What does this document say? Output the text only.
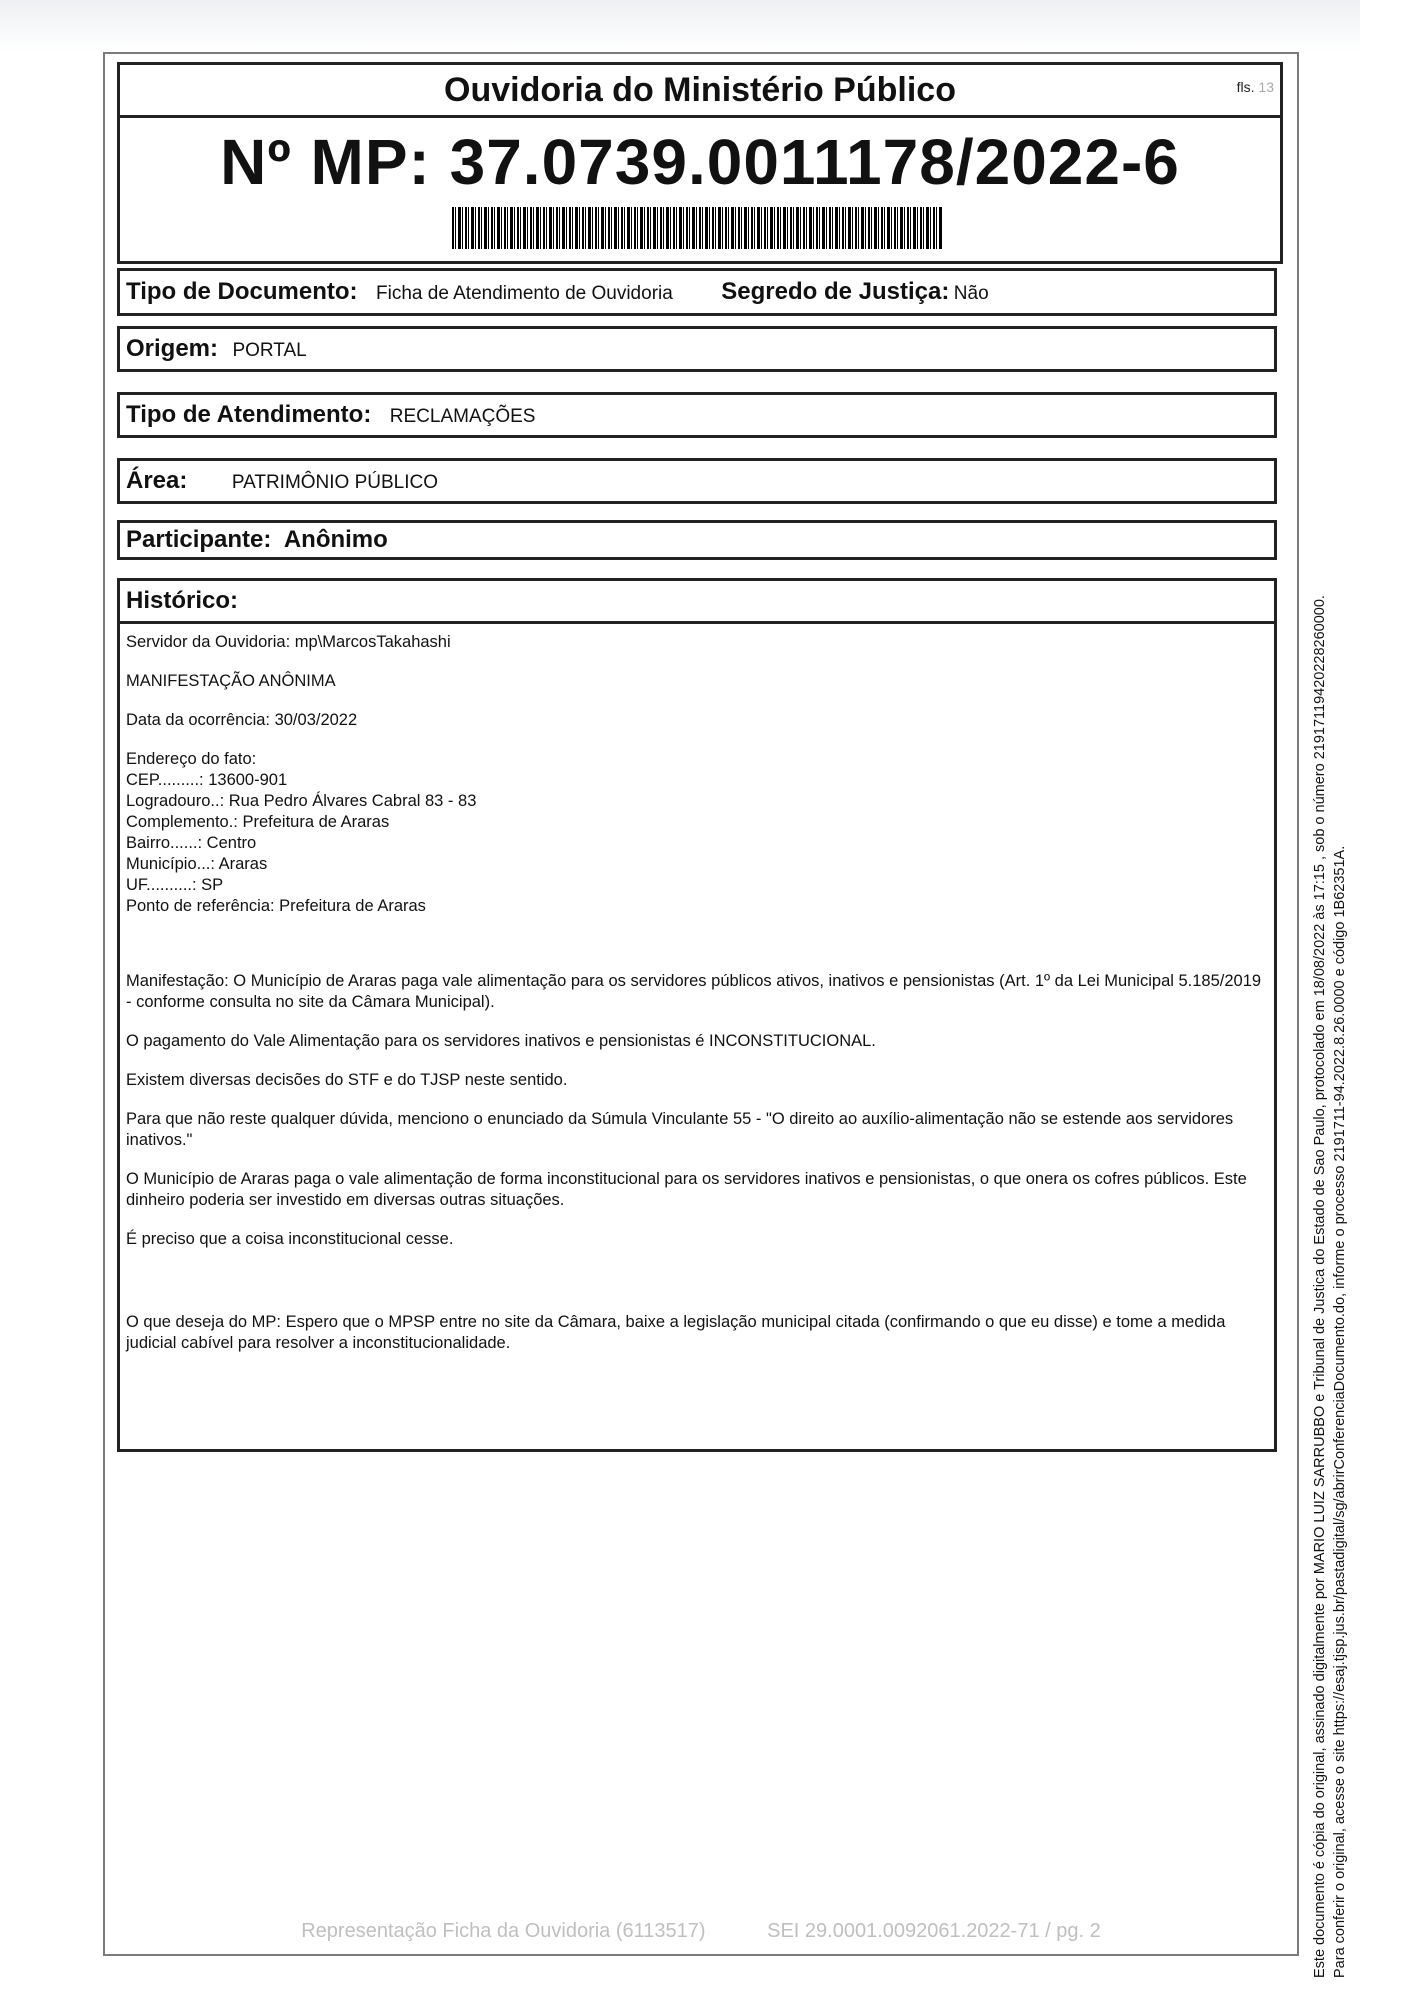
Ouvidoria do Ministério Público	fls. 13
Nº MP: 37.0739.0011178/2022-6
Tipo de Documento: Ficha de Atendimento de Ouvidoria Segredo de Justiça: Não
Origem: PORTAL
Tipo de Atendimento: RECLAMAÇÕES
Área: PATRIMÔNIO PÚBLICO
Participante: Anônimo
Histórico:

Servidor da Ouvidoria: mp\MarcosTakahashi

MANIFESTAÇÃO ANÔNIMA

Data da ocorrência: 30/03/2022

Endereço do fato:

CEP.........: 13600-901

Logradouro..: Rua Pedro Álvares Cabral 83 - 83

Complemento.: Prefeitura de Araras

Bairro......: Centro

Município...: Araras

UF..........: SP

Ponto de referência: Prefeitura de Araras

Manifestação: O Município de Araras paga vale alimentação para os servidores públicos ativos, inativos e pensionistas (Art. 1º da Lei Municipal 5.185/2019 - conforme consulta no site da Câmara Municipal).

O pagamento do Vale Alimentação para os servidores inativos e pensionistas é INCONSTITUCIONAL.

Existem diversas decisões do STF e do TJSP neste sentido.

Para que não reste qualquer dúvida, menciono o enunciado da Súmula Vinculante 55 - "O direito ao auxílio-alimentação não se estende aos servidores inativos."

O Município de Araras paga o vale alimentação de forma inconstitucional para os servidores inativos e pensionistas, o que onera os cofres públicos. Este dinheiro poderia ser investido em diversas outras situações.

É preciso que a coisa inconstitucional cesse.

O que deseja do MP: Espero que o MPSP entre no site da Câmara, baixe a legislação municipal citada (confirmando o que eu disse) e tome a medida judicial cabível para resolver a inconstitucionalidade.

Representação Ficha da Ouvidoria (6113517)	SEI 29.0001.0092061.2022-71 / pg. 2	Este documento é cópia do original, assinado digitalmente por MARIO LUIZ SARRUBBO e Tribunal de Justica do Estado de Sao Paulo, protocolado em 18/08/2022 às 17:15 , sob o número 21917119420228260000. Para conferir o original, acesse o site https://esaj.tjsp.jus.br/pastadigital/sg/abrirConferenciaDocumento.do, informe o processo 2191711-94.2022.8.26.0000 e código 1B62351A.
